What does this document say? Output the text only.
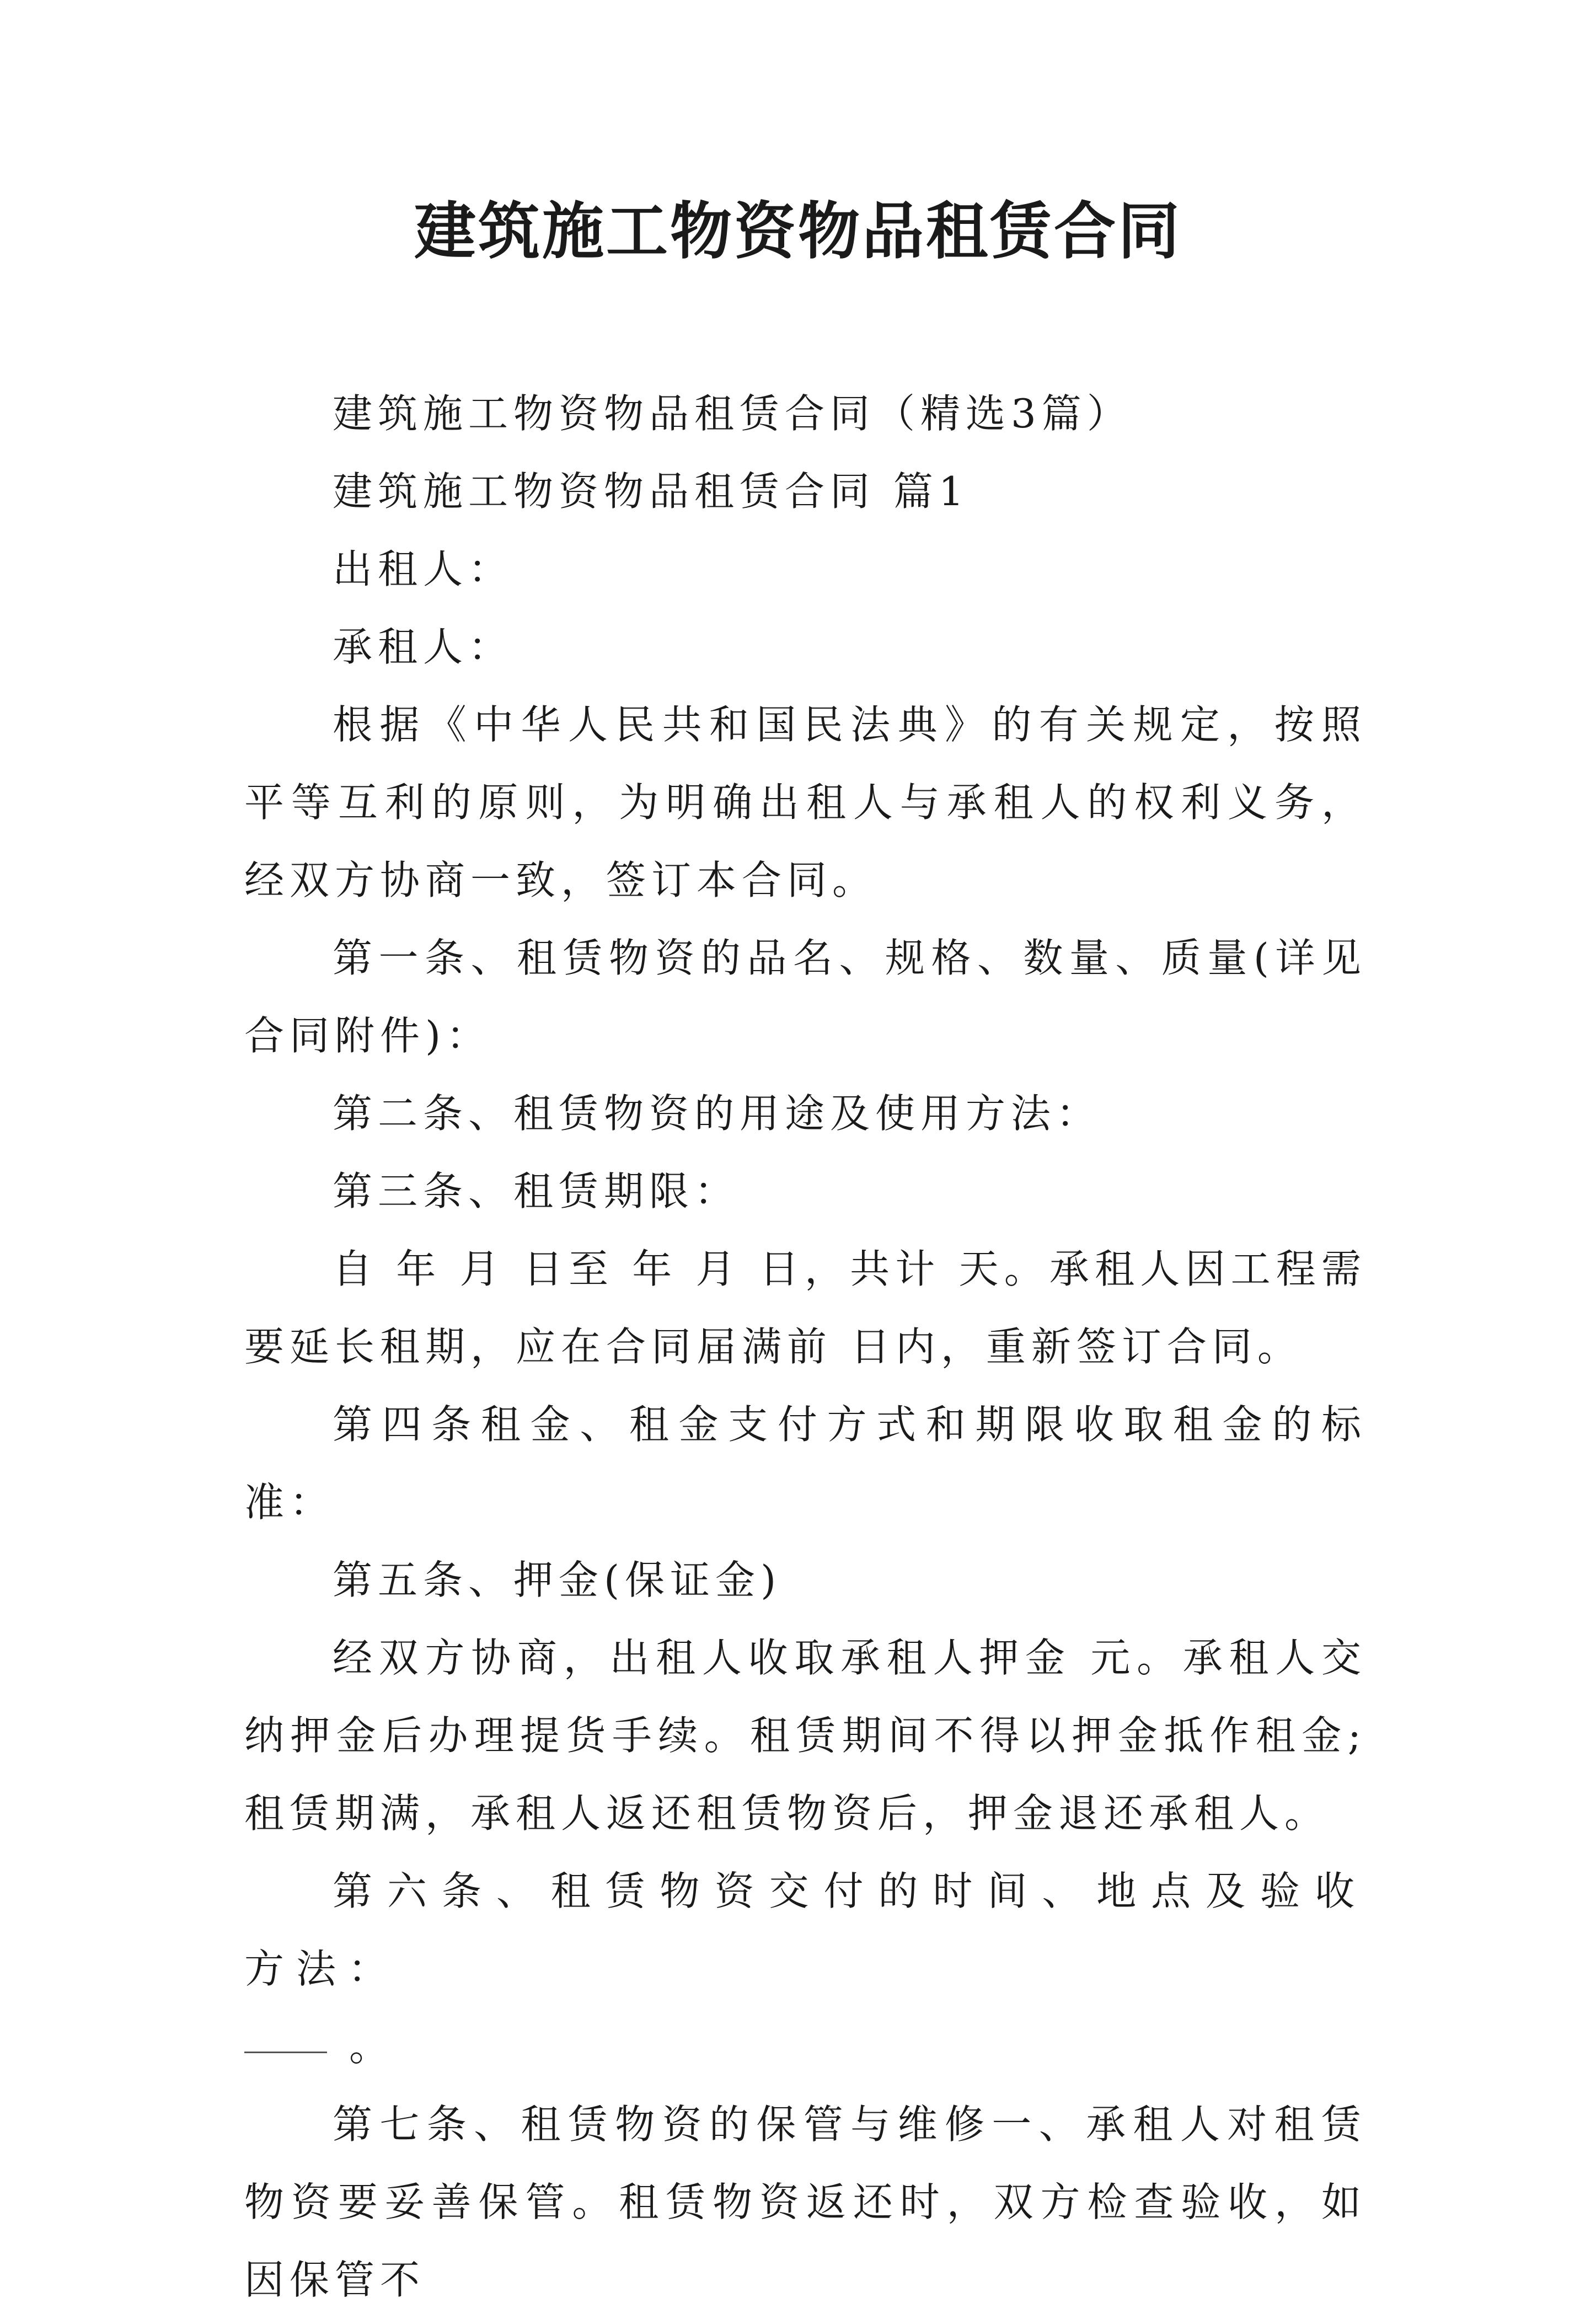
建筑施工物资物品租赁合同

建筑施工物资物品租赁合同（精选3篇）

建筑施工物资物品租赁合同 篇1

出租人：

承租人：

根据《中华人民共和国民法典》的有关规定，按照平等互利的原则，为明确出租人与承租人的权利义务，经双方协商一致，签订本合同。

第一条、租赁物资的品名、规格、数量、质量(详见合同附件)：

第二条、租赁物资的用途及使用方法：

第三条、租赁期限：

自 年 月 日至 年 月 日，共计 天。承租人因工程需要延长租期，应在合同届满前 日内，重新签订合同。

第四条租金、租金支付方式和期限收取租金的标准：

第五条、押金(保证金)

经双方协商，出租人收取承租人押金 元。承租人交纳押金后办理提货手续。租赁期间不得以押金抵作租金;租赁期满，承租人返还租赁物资后，押金退还承租人。

第六条、租赁物资交付的时间、地点及验收方法：

。

第七条、租赁物资的保管与维修一、承租人对租赁物资要妥善保管。租赁物资返还时，双方检查验收，如因保管不
